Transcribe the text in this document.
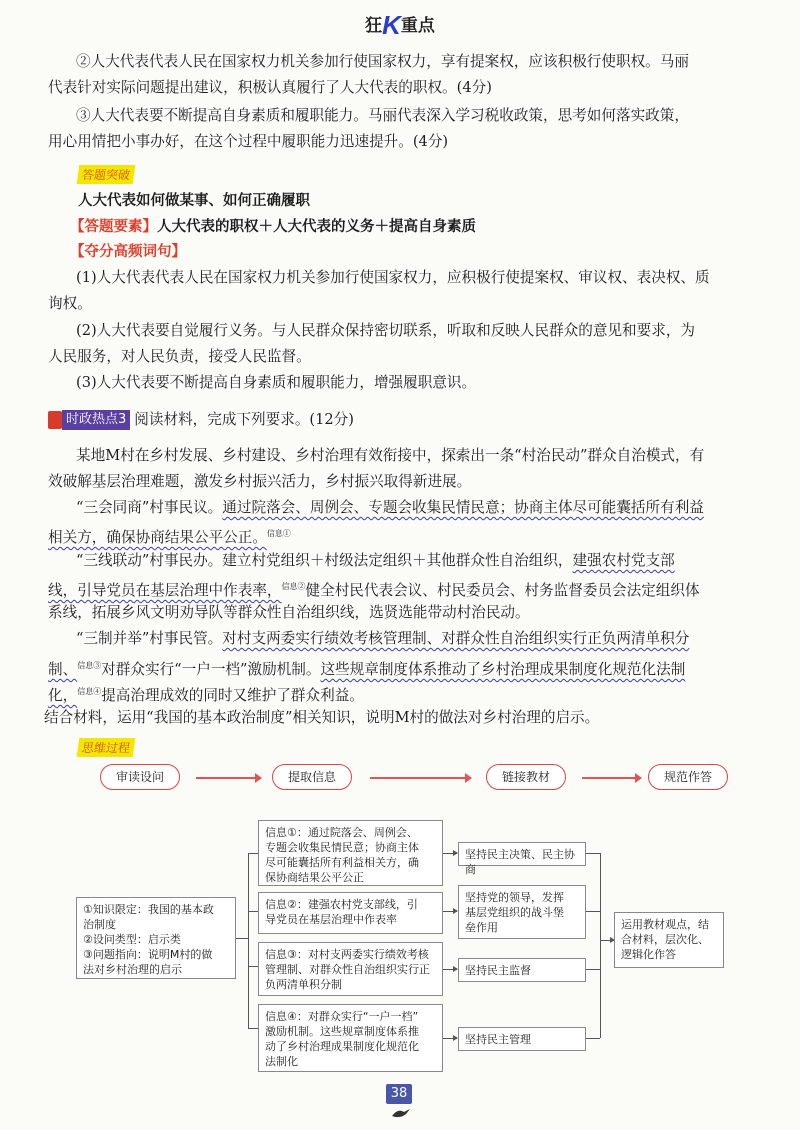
狂K重点
②人大代表代表人民在国家权力机关参加行使国家权力，享有提案权，应该积极行使职权。马丽
代表针对实际问题提出建议，积极认真履行了人大代表的职权。(4分)
③人大代表要不断提高自身素质和履职能力。马丽代表深入学习税收政策，思考如何落实政策，
用心用情把小事办好，在这个过程中履职能力迅速提升。(4分)
答题突破
人大代表如何做某事、如何正确履职
【答题要素】人大代表的职权＋人大代表的义务＋提高自身素质
【夺分高频词句】
(1)人大代表代表人民在国家权力机关参加行使国家权力，应积极行使提案权、审议权、表决权、质
询权。
(2)人大代表要自觉履行义务。与人民群众保持密切联系，听取和反映人民群众的意见和要求，为
人民服务，对人民负责，接受人民监督。
(3)人大代表要不断提高自身素质和履职能力，增强履职意识。
时政热点3 阅读材料，完成下列要求。(12分)
某地M村在乡村发展、乡村建设、乡村治理有效衔接中，探索出一条“村治民动”群众自治模式，有
效破解基层治理难题，激发乡村振兴活力，乡村振兴取得新进展。
“三会同商”村事民议。通过院落会、周例会、专题会收集民情民意；协商主体尽可能囊括所有利益
相关方，确保协商结果公平公正。$^{信息①}$
“三线联动”村事民办。建立村党组织＋村级法定组织＋其他群众性自治组织，建强农村党支部
线，引导党员在基层治理中作表率，$^{信息②}$健全村民代表会议、村民委员会、村务监督委员会法定组织体
系线，拓展乡风文明劝导队等群众性自治组织线，选贤选能带动村治民动。
“三制并举”村事民管。对村支两委实行绩效考核管理制、对群众性自治组织实行正负两清单积分
制、$^{信息③}$对群众实行“一户一档”激励机制。这些规章制度体系推动了乡村治理成果制度化规范化法制
化，$^{信息④}$提高治理成效的同时又维护了群众利益。
结合材料，运用“我国的基本政治制度”相关知识，说明M村的做法对乡村治理的启示。
思维过程
审读设问	提取信息	链接教材	规范作答
①知识限定：我国的基本政
治制度
②设问类型：启示类
③问题指向：说明M村的做
法对乡村治理的启示
信息①：通过院落会、周例会、
专题会收集民情民意；协商主体
尽可能囊括所有利益相关方，确
保协商结果公平公正
信息②：建强农村党支部线，引
导党员在基层治理中作表率
信息③：对村支两委实行绩效考核
管理制、对群众性自治组织实行正
负两清单积分制
信息④：对群众实行“一户一档”
激励机制。这些规章制度体系推
动了乡村治理成果制度化规范化
法制化
坚持民主决策、民主协商
坚持党的领导，发挥
基层党组织的战斗堡
垒作用
坚持民主监督
坚持民主管理
运用教材观点，结
合材料，层次化、
逻辑化作答
38
